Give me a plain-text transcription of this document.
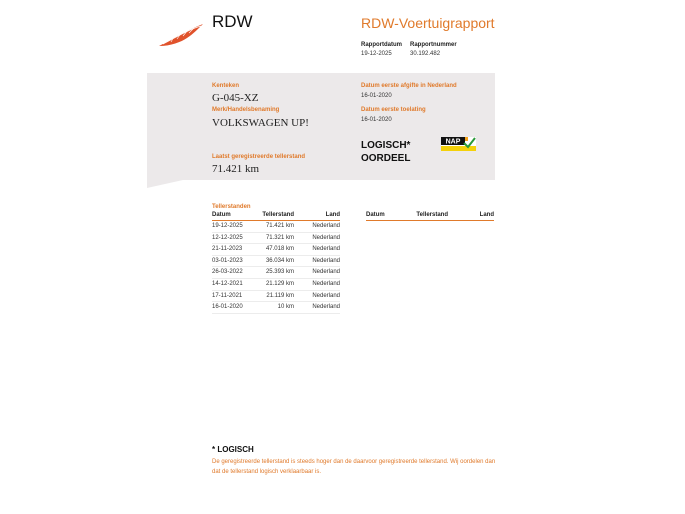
RDW	RDW-Voertuigrapport
Rapportdatum
19-12-2025
Rapportnummer
30.192.482
Kenteken
G-045-XZ
Merk/Handelsbenaming
VOLKSWAGEN UP!
Laatst geregistreerde tellerstand
71.421 km
Datum eerste afgifte in Nederland
16-01-2020
Datum eerste toelating
16-01-2020
LOGISCH*
OORDEEL
NAP
Tellerstanden
Datum	Tellerstand	Land
19-12-2025	71.421 km	Nederland
12-12-2025	71.321 km	Nederland
21-11-2023	47.018 km	Nederland
03-01-2023	36.034 km	Nederland
26-03-2022	25.393 km	Nederland
14-12-2021	21.129 km	Nederland
17-11-2021	21.119 km	Nederland
16-01-2020	10 km	Nederland
Datum	Tellerstand	Land
* LOGISCH
De geregistreerde tellerstand is steeds hoger dan de daarvoor geregistreerde tellerstand. Wij oordelen dan dat de tellerstand logisch verklaarbaar is.
